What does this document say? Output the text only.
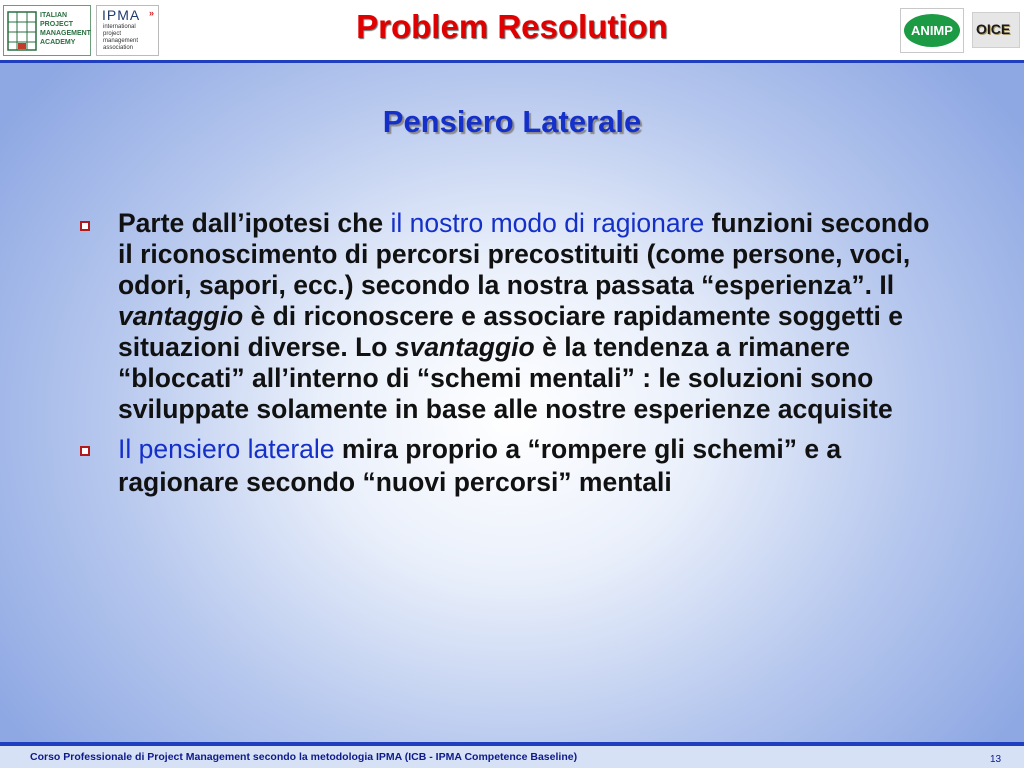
ITALIAN
PROJECT
MANAGEMENT
ACADEMY
IPMA »
international
project
management
association
Problem Resolution	ANIMP	OICE
Pensiero Laterale
Parte dall’ipotesi che il nostro modo di ragionare funzioni secondo il riconoscimento di percorsi precostituiti (come persone, voci, odori, sapori, ecc.) secondo la nostra passata “esperienza”. Il vantaggio è di riconoscere e associare rapidamente soggetti e situazioni diverse. Lo svantaggio è la tendenza a rimanere “bloccati” all’interno di “schemi mentali” : le soluzioni sono sviluppate solamente in base alle nostre esperienze acquisite
Il pensiero laterale mira proprio a “rompere gli schemi” e a ragionare secondo “nuovi percorsi” mentali
Corso Professionale di Project Management secondo la metodologia IPMA (ICB - IPMA Competence Baseline)	13
